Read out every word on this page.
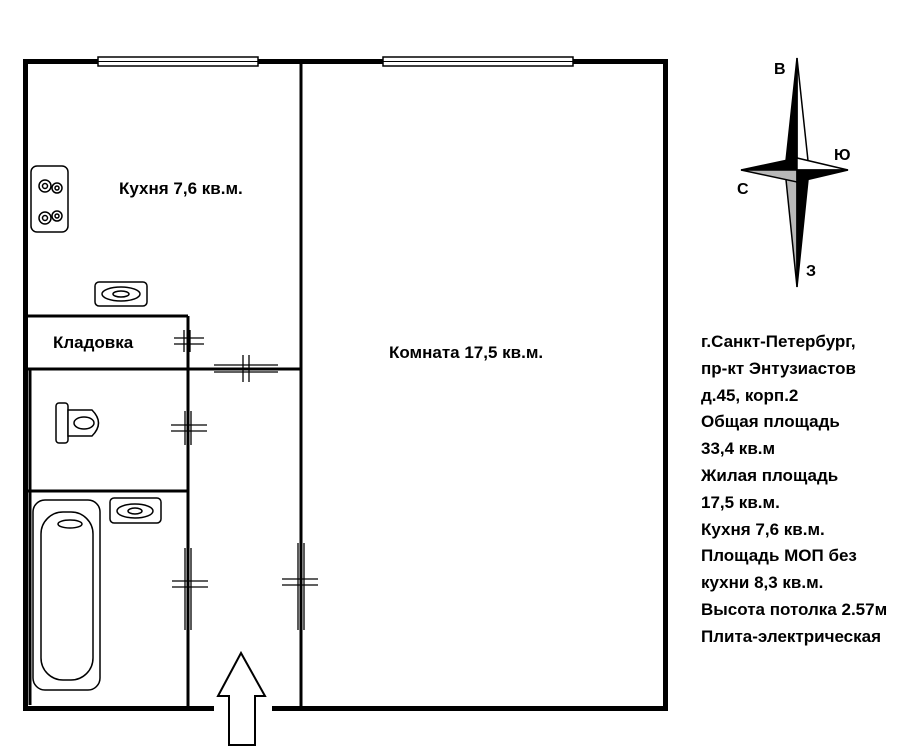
В
Ю
С
З
Кухня 7,6 кв.м.
Комната 17,5 кв.м.
Кладовка	г.Санкт-Петербург,
пр-кт Энтузиастов
д.45, корп.2
Общая площадь
33,4 кв.м
Жилая площадь
17,5 кв.м.
Кухня 7,6 кв.м.
Площадь МОП без
кухни 8,3 кв.м.
Высота потолка 2.57м
Плита-электрическая
